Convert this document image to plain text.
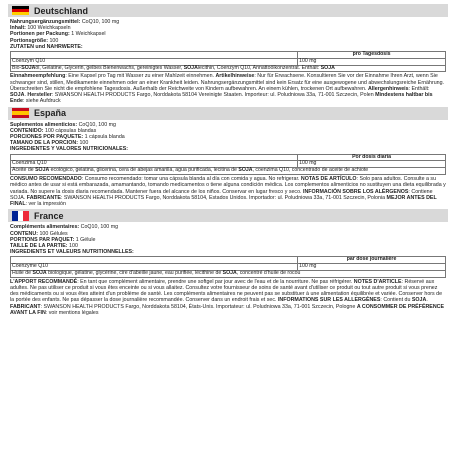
Deutschland
Nahrungsergänzungsmittel: CoQ10, 100 mg
Inhalt: 100 Weichkapseln
Portionen per Packung: 1 Weichkapsel
Portionsgröße: 100
ZUTATEN und NÄHRWERTE:
	pro Tagesdosis
Coenzym Q10	100 mg
Bio-SOJAöl, Gelatine, Glycerin, gelbes Bienenwachs, gereinigtes Wasser, SOJAlecithin, Coenzym Q10, Annattoölkonzentrat. Enthält: SOJA	
Einnahmeempfehlung: Eine Kapsel pro Tag mit Wasser zu einer Mahlzeit einnehmen. Artikelhinweise: Nur für Erwachsene. Konsultieren Sie vor der Einnahme Ihren Arzt, wenn Sie schwanger sind, stillen, Medikamente einnehmen oder an einer Krankheit leiden. Nahrungsergänzungsmittel sind kein Ersatz für eine ausgewogene und abwechslungsreiche Ernährung. Überschreiten Sie nicht die empfohlene Tagesdosis. Außerhalb der Reichweite von Kindern aufbewahren. An einem kühlen, trockenen Ort aufbewahren. Allergenhinweis: Enthält: SOJA. Hersteller: SWANSON HEALTH PRODUCTS Fargo, Norddakota 58104 Vereinigte Staaten. Importeur: ul. Poludniowa 33a, 71-001 Szczecin, Polen Mindestens haltbar bis Ende: siehe Aufdruck
España
Suplementos alimenticios: CoQ10, 100 mg
CONTENIDO: 100 cápsulas blandas
PORCIONES POR PAQUETE: 1 cápsula blanda
TAMAÑO DE LA PORCIÓN: 100
INGREDIENTES Y VALORES NUTRICIONALES:
	Por dosis diaria
Coenzima Q10	100 mg
Aceite de SOJA ecológico, gelatina, glicerina, cera de abejas amarilla, agua purificada, lecitina de SOJA, coenzima Q10, concentrado de aceite de achiote	
CONSUMO RECOMENDADO: Consumo recomendado: tomar una cápsula blanda al día con comida y agua. No refrigerar. NOTAS DE ARTÍCULO: Solo para adultos. Consulte a su médico antes de usar si está embarazada, amamantando, tomando medicamentos o tiene alguna condición médica. Los complementos alimenticios no sustituyen una dieta equilibrada y variada. No supere la dosis diaria recomendada. Mantener fuera del alcance de los niños. Conservar en lugar fresco y seco. INFORMACIÓN SOBRE LOS ALÉRGENOS: Contiene SOJA. FABRICANTE: SWANSON HEALTH PRODUCTS Fargo, Norddakota 58104, Estados Unidos. Importador: ul. Poludniowa 33a, 71-001 Szczecin, Polonia MEJOR ANTES DEL FINAL: ver la impresión
France
Compléments alimentaires: CoQ10, 100 mg
CONTENU: 100 Gélules
PORTIONS PAR PAQUET: 1 Gélule
TAILLE DE LA PARTIE: 100
INGRÉDIENTS ET VALEURS NUTRITIONNELLES:
	par dose journalière
Coenzyme Q10	100 mg
Huile de SOJA biologique, gélatine, glycérine, cire d'abeille jaune, eau purifiée, lécithine de SOJA, concentré d'huile de rocou	
L'APPORT RECOMMANDÉ: En tant que complément alimentaire, prendre une softgel par jour avec de l'eau et de la nourriture. Ne pas réfrigérer. NOTES D'ARTICLE: Réservé aux adultes. Ne pas utiliser ce produit si vous êtes enceinte ou si vous allaitez. Consultez votre fournisseur de soins de santé avant d'utiliser ce produit ou tout autre produit si vous prenez des médicaments ou si vous êtes atteint d'un problème de santé. Les compléments alimentaires ne peuvent pas se substituer à une alimentation équilibrée et variée. Conserver hors de la portée des enfants. Ne pas dépasser la dose journalière recommandée. Conserver dans un endroit frais et sec. INFORMATIONS SUR LES ALLERGÈNES: Contient du SOJA. FABRICANT: SWANSON HEALTH PRODUCTS Fargo, Norddakota 58104, États-Unis. Importateur: ul. Poludniowa 33a, 71-001 Szczecin, Pologne A CONSOMMER DE PRÉFÉRENCE AVANT LA FIN: voir mentions légales
